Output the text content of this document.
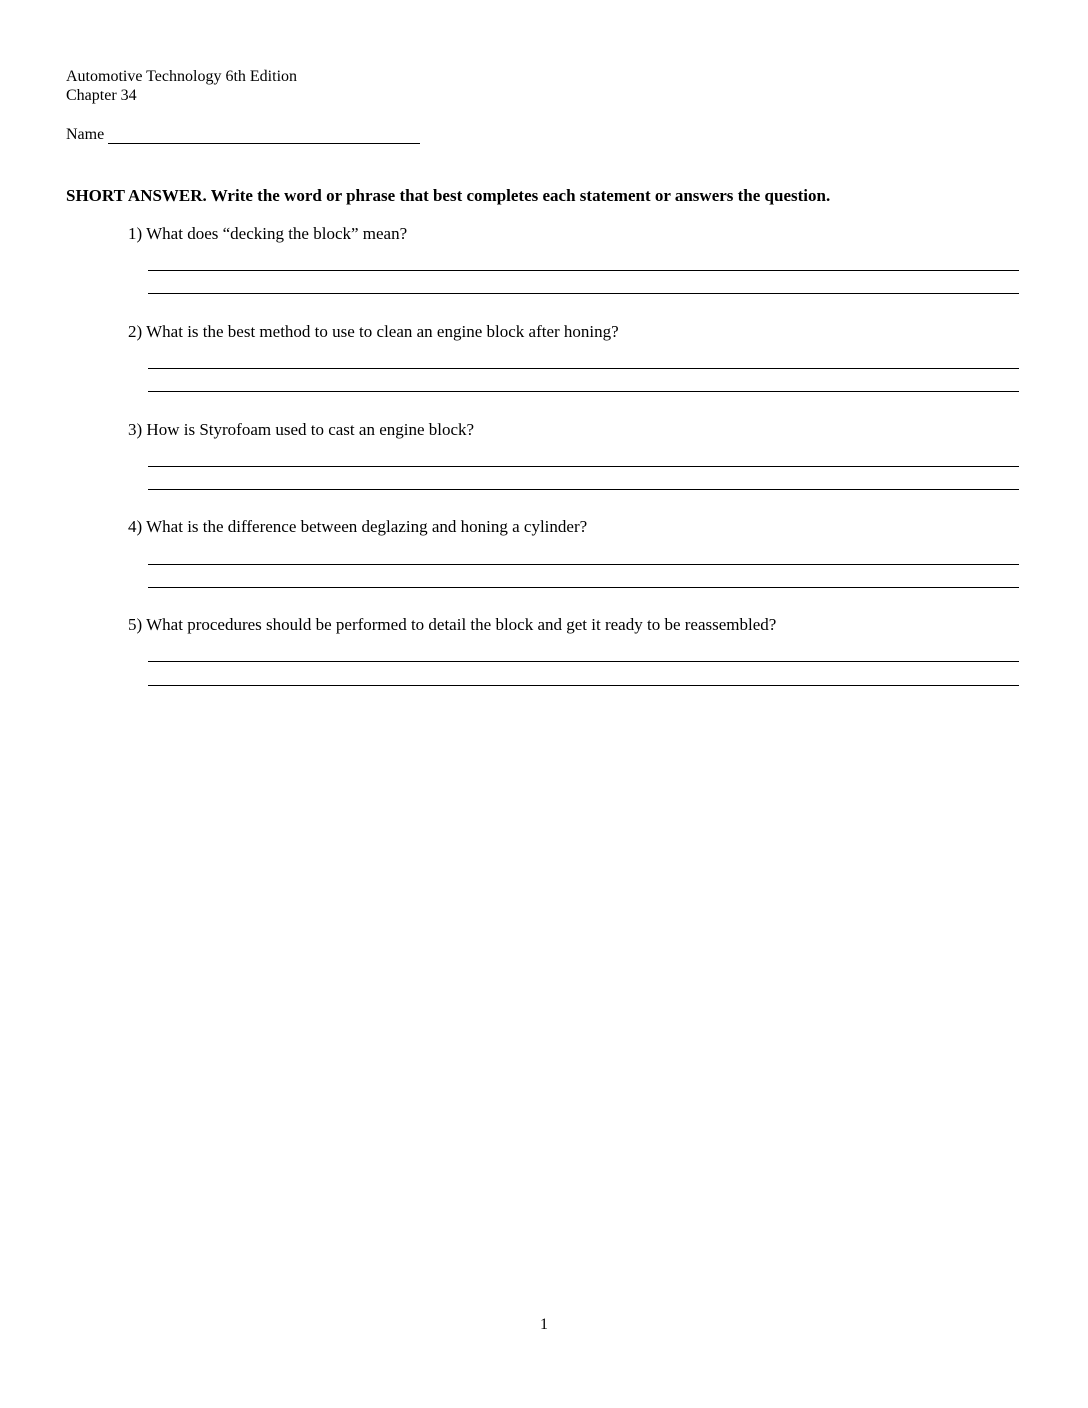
Automotive Technology 6th Edition
Chapter 34
Name
SHORT ANSWER. Write the word or phrase that best completes each statement or answers the question.
1) What does “decking the block” mean?
2) What is the best method to use to clean an engine block after honing?
3) How is Styrofoam used to cast an engine block?
4) What is the difference between deglazing and honing a cylinder?
5) What procedures should be performed to detail the block and get it ready to be reassembled?
1
